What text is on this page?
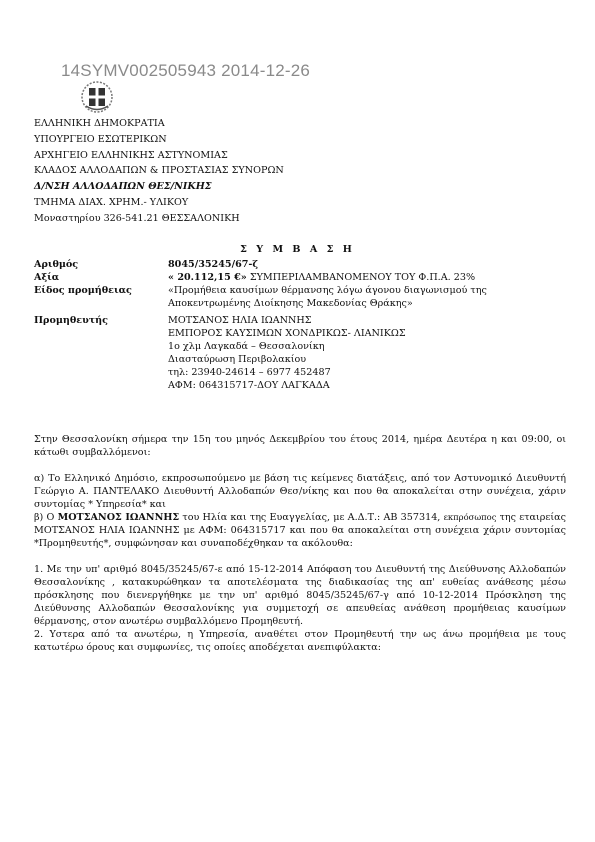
14SYMV002505943 2014-12-26
ΕΛΛΗΝΙΚΗ ΔΗΜΟΚΡΑΤΙΑ
ΥΠΟΥΡΓΕΙΟ ΕΣΩΤΕΡΙΚΩΝ
ΑΡΧΗΓΕΙΟ ΕΛΛΗΝΙΚΗΣ ΑΣΤΥΝΟΜΙΑΣ
ΚΛΑΔΟΣ ΑΛΛΟΔΑΠΩΝ & ΠΡΟΣΤΑΣΙΑΣ ΣΥΝΟΡΩΝ
Δ/ΝΣΗ ΑΛΛΟΔΑΠΩΝ ΘΕΣ/ΝΙΚΗΣ
ΤΜΗΜΑ ΔΙΑΧ. ΧΡΗΜ.- ΥΛΙΚΟΥ
Μοναστηρίου 326-541.21 ΘΕΣΣΑΛΟΝΙΚΗ
Σ Υ Μ Β Α Σ Η
Αριθμός	8045/35245/67-ζ
Αξία	« 20.112,15 €» ΣΥΜΠΕΡΙΛΑΜΒΑΝΟΜΕΝΟΥ ΤΟΥ Φ.Π.Α. 23%
Είδος προμήθειας	«Προμήθεια καυσίμων θέρμανσης λόγω άγονου διαγωνισμού της
Αποκεντρωμένης Διοίκησης Μακεδονίας Θράκης»
Προμηθευτής	ΜΟΤΣΑΝΟΣ ΗΛΙΑ ΙΩΑΝΝΗΣ
ΕΜΠΟΡΟΣ ΚΑΥΣΙΜΩΝ ΧΟΝΔΡΙΚΩΣ- ΛΙΑΝΙΚΩΣ
1ο χλμ Λαγκαδά – Θεσσαλονίκη
Διασταύρωση Περιβολακίου
τηλ: 23940-24614 – 6977 452487
ΑΦΜ: 064315717-ΔΟΥ ΛΑΓΚΑΔΑ

Στην Θεσσαλονίκη σήμερα την 15η του μηνός Δεκεμβρίου του έτους 2014, ημέρα Δευτέρα η και 09:00, οι κάτωθι συμβαλλόμενοι:

α) Το Ελληνικό Δημόσιο, εκπροσωπούμενο με βάση τις κείμενες διατάξεις, από τον Αστυνομικό Διευθυντή Γεώργιο Α. ΠΑΝΤΕΛΑΚΟ Διευθυντή Αλλοδαπών Θεσ/νίκης και που θα αποκαλείται στην συνέχεια, χάριν συντομίας * Υπηρεσία* και

β) Ο ΜΟΤΣΑΝΟΣ ΙΩΑΝΝΗΣ του Ηλία και της Ευαγγελίας, με Α.Δ.Τ.: ΑΒ 357314, εκπρόσωπος της εταιρείας ΜΟΤΣΑΝΟΣ ΗΛΙΑ ΙΩΑΝΝΗΣ με ΑΦΜ: 064315717 και που θα αποκαλείται στη συνέχεια χάριν συντομίας *Προμηθευτής*, συμφώνησαν και συναποδέχθηκαν τα ακόλουθα:

1. Με την υπ' αριθμό 8045/35245/67-ε από 15-12-2014 Απόφαση του Διευθυντή της Διεύθυνσης Αλλοδαπών Θεσσαλονίκης , κατακυρώθηκαν τα αποτελέσματα της διαδικασίας της απ' ευθείας ανάθεσης μέσω πρόσκλησης που διενεργήθηκε με την υπ' αριθμό 8045/35245/67-γ από 10-12-2014 Πρόσκληση της Διεύθυνσης Αλλοδαπών Θεσσαλονίκης για συμμετοχή σε απευθείας ανάθεση προμήθειας καυσίμων θέρμανσης, στον ανωτέρω συμβαλλόμενο Προμηθευτή.

2. Υστερα από τα ανωτέρω, η Υπηρεσία, αναθέτει στον Προμηθευτή την ως άνω προμήθεια με τους κατωτέρω όρους και συμφωνίες, τις οποίες αποδέχεται ανεπιφύλακτα:
